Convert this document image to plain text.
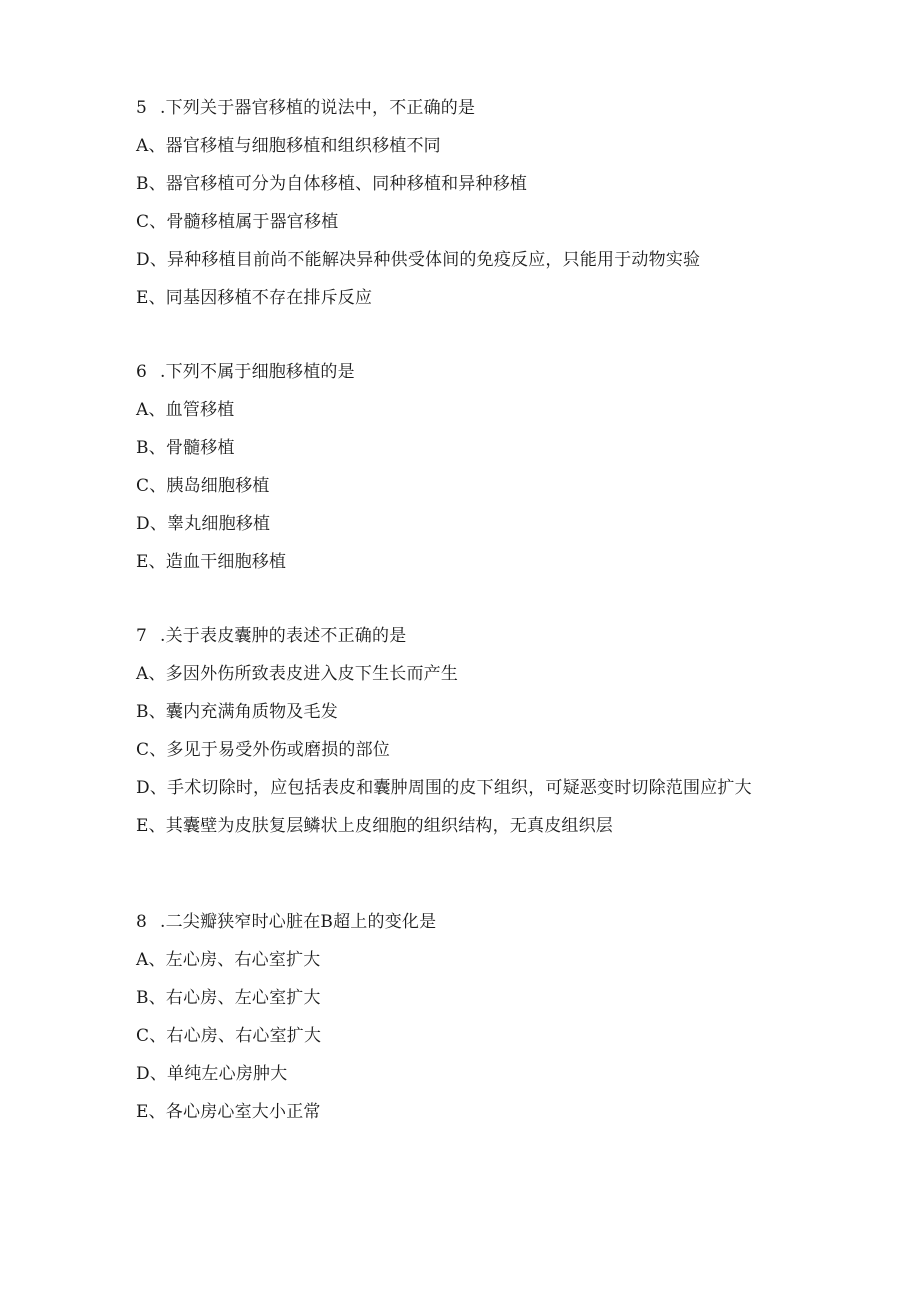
5 .下列关于器官移植的说法中，不正确的是
A、器官移植与细胞移植和组织移植不同
B、器官移植可分为自体移植、同种移植和异种移植
C、骨髓移植属于器官移植
D、异种移植目前尚不能解决异种供受体间的免疫反应，只能用于动物实验
E、同基因移植不存在排斥反应
6 .下列不属于细胞移植的是
A、血管移植
B、骨髓移植
C、胰岛细胞移植
D、睾丸细胞移植
E、造血干细胞移植
7 .关于表皮囊肿的表述不正确的是
A、多因外伤所致表皮进入皮下生长而产生
B、囊内充满角质物及毛发
C、多见于易受外伤或磨损的部位
D、手术切除时，应包括表皮和囊肿周围的皮下组织，可疑恶变时切除范围应扩大
E、其囊壁为皮肤复层鳞状上皮细胞的组织结构，无真皮组织层
8 .二尖瓣狭窄时心脏在B超上的变化是
A、左心房、右心室扩大
B、右心房、左心室扩大
C、右心房、右心室扩大
D、单纯左心房肿大
E、各心房心室大小正常
